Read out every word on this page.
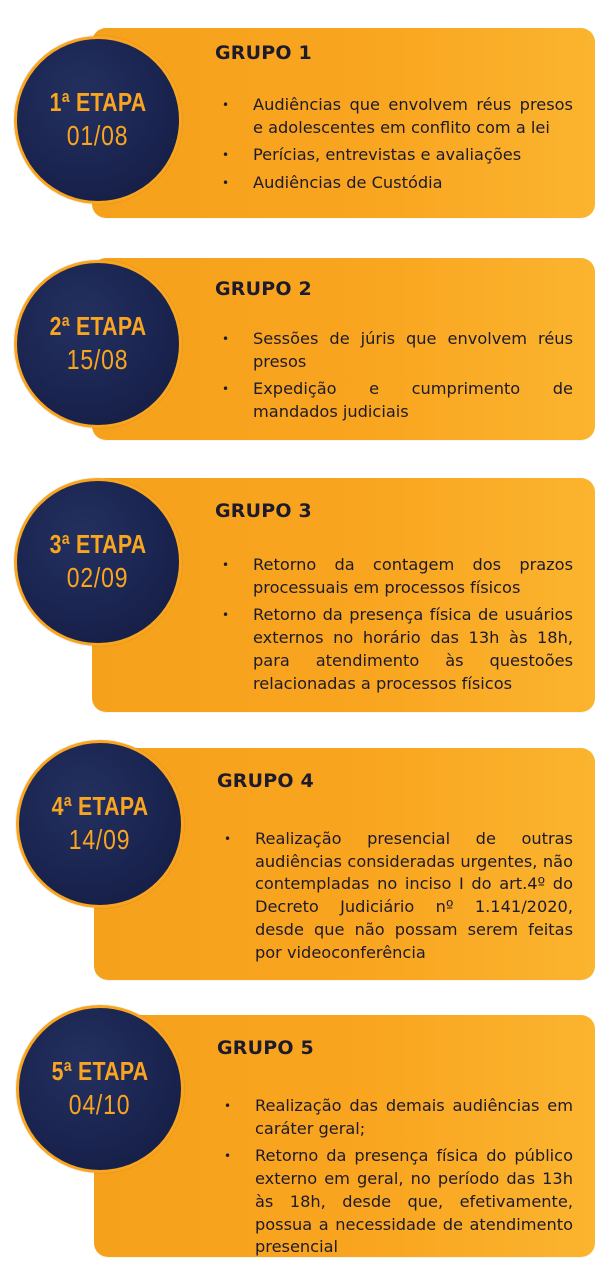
GRUPO 1
• Audiências que envolvem réus presos e adolescentes em conflito com a lei
• Perícias, entrevistas e avaliações
• Audiências de Custódia
1ª ETAPA
01/08
GRUPO 2
• Sessões de júris que envolvem réus presos
• Expedição e cumprimento de mandados judiciais
2ª ETAPA
15/08
GRUPO 3
• Retorno da contagem dos prazos processuais em processos físicos
• Retorno da presença física de usuários externos no horário das 13h às 18h, para atendimento às questoões relacionadas a processos físicos
3ª ETAPA
02/09
GRUPO 4
• Realização presencial de outras audiências consideradas urgentes, não contempladas no inciso I do art.4º do Decreto Judiciário nº 1.141/2020, desde que não possam serem feitas por videoconferência
4ª ETAPA
14/09
GRUPO 5
• Realização das demais audiências em caráter geral;
• Retorno da presença física do público externo em geral, no período das 13h às 18h, desde que, efetivamente, possua a necessidade de atendimento presencial
5ª ETAPA
04/10
